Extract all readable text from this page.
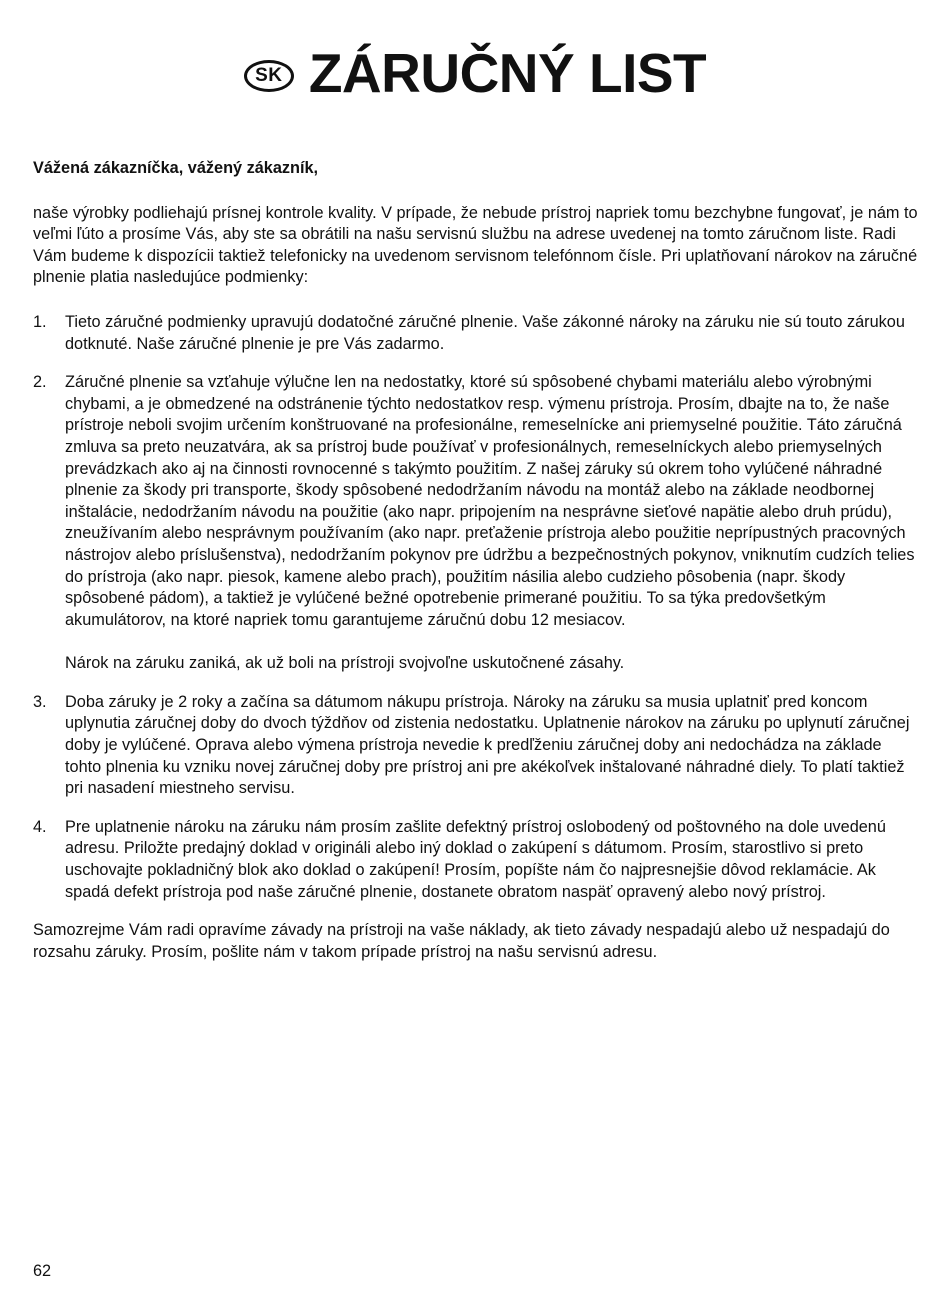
SK ZÁRUČNÝ LIST

Vážená zákazníčka, vážený zákazník,

naše výrobky podliehajú prísnej kontrole kvality. V prípade, že nebude prístroj napriek tomu bezchybne fungovať, je nám to veľmi ľúto a prosíme Vás, aby ste sa obrátili na našu servisnú službu na adrese uvedenej na tomto záručnom liste. Radi Vám budeme k dispozícii taktiež telefonicky na uvedenom servisnom telefónnom čísle. Pri uplatňovaní nárokov na záručné plnenie platia nasledujúce podmienky:

1. Tieto záručné podmienky upravujú dodatočné záručné plnenie. Vaše zákonné nároky na záruku nie sú touto zárukou dotknuté. Naše záručné plnenie je pre Vás zadarmo.

2. Záručné plnenie sa vzťahuje výlučne len na nedostatky, ktoré sú spôsobené chybami materiálu alebo výrobnými chybami, a je obmedzené na odstránenie týchto nedostatkov resp. výmenu prístroja. Prosím, dbajte na to, že naše prístroje neboli svojim určením konštruované na profesionálne, remeselnícke ani priemyselné použitie. Táto záručná zmluva sa preto neuzatvára, ak sa prístroj bude používať v profesionálnych, remeselníckych alebo priemyselných prevádzkach ako aj na činnosti rovnocenné s takýmto použitím. Z našej záruky sú okrem toho vylúčené náhradné plnenie za škody pri transporte, škody spôsobené nedodržaním návodu na montáž alebo na základe neodbornej inštalácie, nedodržaním návodu na použitie (ako napr. pripojením na nesprávne sieťové napätie alebo druh prúdu), zneužívaním alebo nesprávnym používaním (ako napr. preťaženie prístroja alebo použitie neprípustných pracovných nástrojov alebo príslušenstva), nedodržaním pokynov pre údržbu a bezpečnostných pokynov, vniknutím cudzích telies do prístroja (ako napr. piesok, kamene alebo prach), použitím násilia alebo cudzieho pôsobenia (napr. škody spôsobené pádom), a taktiež je vylúčené bežné opotrebenie primerané použitiu. To sa týka predovšetkým akumulátorov, na ktoré napriek tomu garantujeme záručnú dobu 12 mesiacov.

Nárok na záruku zaniká, ak už boli na prístroji svojvoľne uskutočnené zásahy.

3. Doba záruky je 2 roky a začína sa dátumom nákupu prístroja. Nároky na záruku sa musia uplatniť pred koncom uplynutia záručnej doby do dvoch týždňov od zistenia nedostatku. Uplatnenie nárokov na záruku po uplynutí záručnej doby je vylúčené. Oprava alebo výmena prístroja nevedie k predľženiu záručnej doby ani nedochádza na základe tohto plnenia ku vzniku novej záručnej doby pre prístroj ani pre akékoľvek inštalované náhradné diely. To platí taktiež pri nasadení miestneho servisu.

4. Pre uplatnenie nároku na záruku nám prosím zašlite defektný prístroj oslobodený od poštovného na dole uvedenú adresu. Priložte predajný doklad v origináli alebo iný doklad o zakúpení s dátumom. Prosím, starostlivo si preto uschovajte pokladničný blok ako doklad o zakúpení! Prosím, popíšte nám čo najpresnejšie dôvod reklamácie. Ak spadá defekt prístroja pod naše záručné plnenie, dostanete obratom naspäť opravený alebo nový prístroj.

Samozrejme Vám radi opravíme závady na prístroji na vaše náklady, ak tieto závady nespadajú alebo už nespadajú do rozsahu záruky. Prosím, pošlite nám v takom prípade prístroj na našu servisnú adresu.

62
